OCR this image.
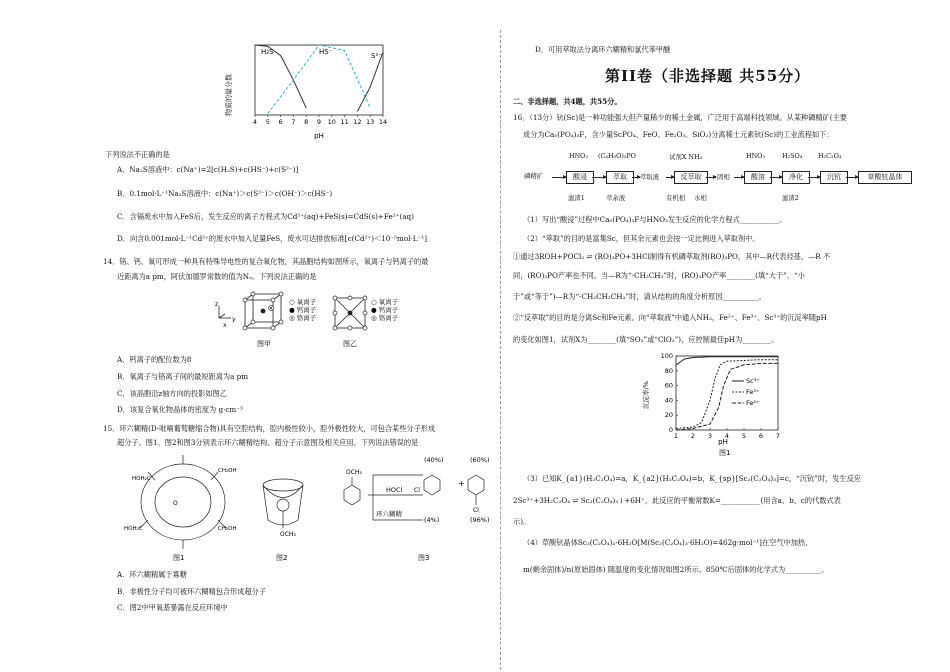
物质的量分数
4 5 6 7 8 9 10 11 12 13 14
H₂S	HS⁻	S²⁻
pH
下列说法不正确的是
A．Na₂S溶液中：c(Na⁺)=2[c(H₂S)+c(HS⁻)+c(S²⁻)]
B．0.1mol·L⁻¹Na₂S溶液中：c(Na⁺)＞c(S²⁻)＞c(OH⁻)＞c(HS⁻)
C．含镉废水中加入FeS后，发生反应的离子方程式为Cd²⁺(aq)+FeS(s)=CdS(s)+Fe²⁺(aq)
D．向含0.001mol·L⁻¹Cd²⁺的废水中加入足量FeS，废水可达排放标准[c(Cd²⁺)＜10⁻⁵mol·L⁻¹]
14．铬、钙、氧可形成一种具有特殊导电性的复合氧化物，其晶胞结构如图所示，氧离子与钙离子的最
近距离为a pm，阿伏加德罗常数的值为Nₐ。下列说法正确的是
z
y
x
图甲	图乙
○ 氧离子
● 钙离子
◎ 铬离子
○ 氧离子
● 钙离子
◎ 铬离子
A．钙离子的配位数为8
B．氧离子与铬离子间的最短距离为a pm
C．该晶胞沿z轴方向的投影如图乙
D．该复合氧化物晶体的密度为 g·cm⁻³
15．环六糊精(D-吡喃葡萄糖缩合物)具有空腔结构，腔内极性较小，腔外极性较大，可包合某些分子形成
超分子。图1、图2和图3分别表示环六糊精结构、超分子示意图及相关应用。下列说法错误的是
O
HOH₂C
CH₂OH
HOH₂C	CH₂OH
OCH₃
OCH₃
HOCl
环六糊精
(40%)	(60%)
(4%)	(96%)
Cl
+
Cl
图1	图2	图3
A．环六糊精属于寡糖
B．非极性分子均可被环六糊精包合形成超分子
C．图2中甲氧基暴露在反应环境中
D．可用萃取法分离环六糊精和氯代苯甲醚
第II卷（非选择题 共55分）
二、非选择题，共4题，共55分。
16．（13分）钪(Sc)是一种功能强大但产量稀少的稀土金属，广泛用于高端科技领域。从某种磷精矿(主要
成分为Ca₅(PO₄)₃F，含少量ScPO₄、FeO、Fe₂O₃、SiO₂)分离稀土元素钪(Sc)的工业流程如下：
磷精矿	酸浸
HNO₃
滤渣1
萃取
(C₄H₉O)₃PO
萃余液
萃取液	反萃取
试剂X NH₃
有机相 水相
固相	酸溶
HNO₃
净化
H₂SO₄
滤渣2
沉钪
H₂C₂O₄
草酸钪晶体
（1）写出“酸浸”过程中Ca₅(PO₄)₃F与HNO₃发生反应的化学方程式___________。
（2）“萃取”的目的是富集Sc，但其余元素也会按一定比例进入萃取剂中。
①通过3ROH+POCl₃ ⇌ (RO)₃PO+3HCl制得有机磷萃取剂(RO)₃PO，其中—R代表烃基，—R 不
同，(RO)₃PO产率也不同。当—R为“-CH₂CH₃”时，(RO)₃PO产率________(填“大于”、“小
于”或“等于”)—R为“-CH₂CH₂CH₃”时，请从结构的角度分析原因__________。
②“反萃取”的目的是分离Sc和Fe元素。向“萃取液”中通入NH₃，Fe²⁺、Fe³⁺、Sc³⁺的沉淀率随pH
的变化如图1，试剂X为________(填“SO₂”或“ClO₂”)，应控制最佳pH为________。
沉淀率/%
1 2 3 4 5 6 7
0
20
40
60
80
100
Sc³⁺
Fe³⁺
Fe²⁺
pH
图1
（3）已知K_{a1}(H₂C₂O₄)=a，K_{a2}(H₂C₂O₄)=b，K_{sp}[Sc₂(C₂O₄)₃]=c，“沉钪”时，发生反应
2Sc³⁺+3H₂C₂O₄ ⇌ Sc₂(C₂O₄)₃↓+6H⁺，此反应的平衡常数K=___________(用含a、b、c的代数式表
示)。
（4）草酸钪晶体Sc₂(C₂O₄)₃·6H₂O[M(Sc₂(C₂O₄)₃·6H₂O)=462g·mol⁻¹]在空气中加热，
m(剩余固体)/n(原始固体) 随温度的变化情况如图2所示。850℃后固体的化学式为__________。
